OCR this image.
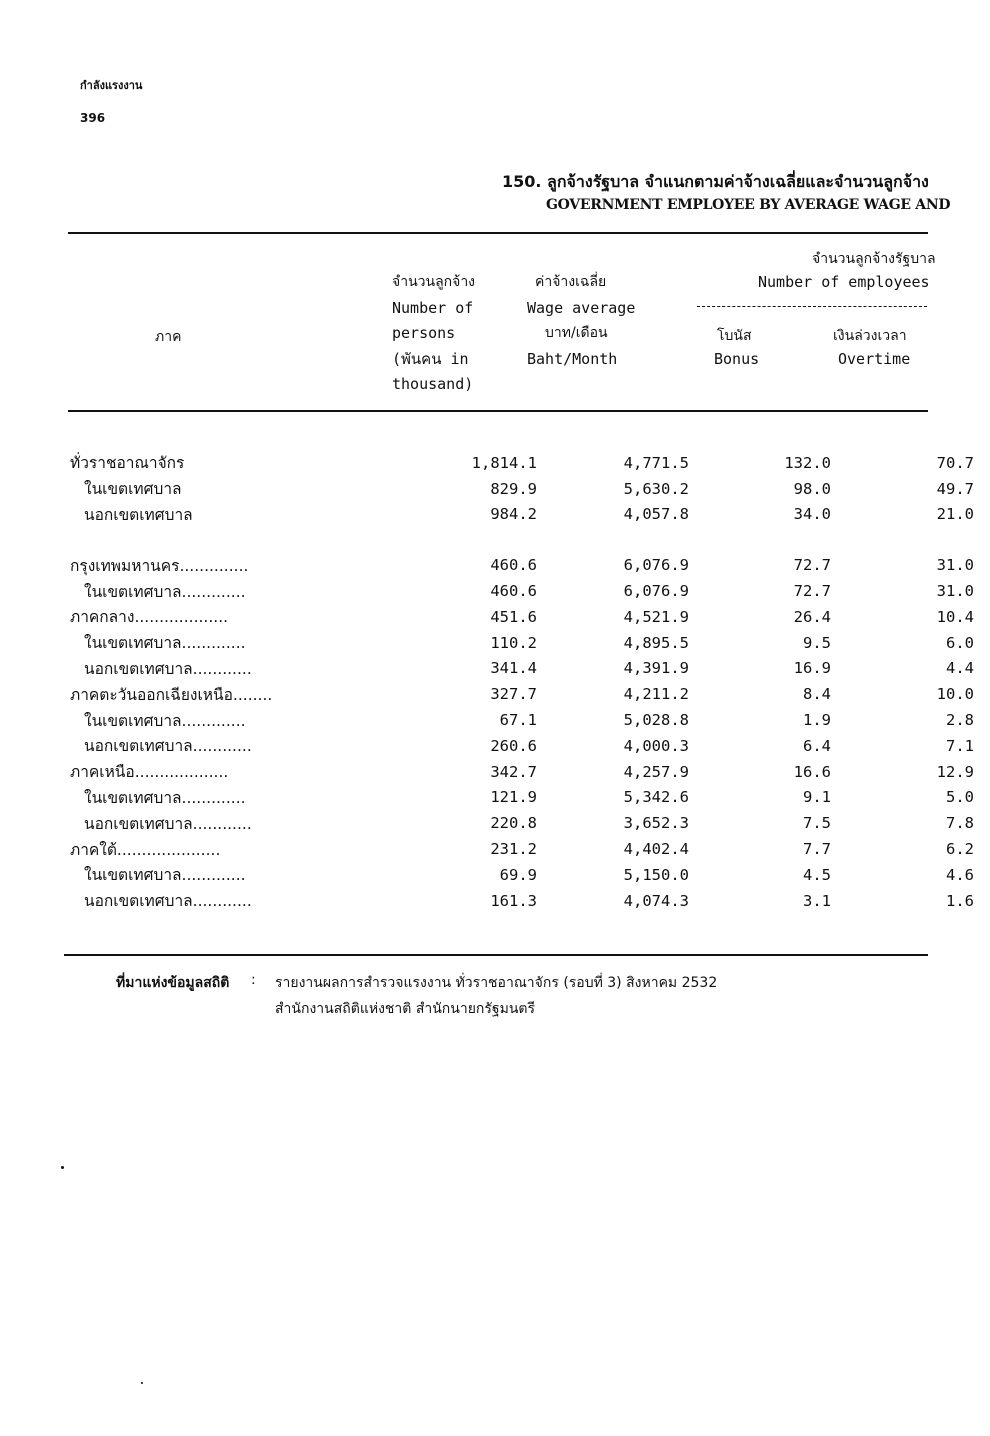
กำลังแรงงาน
396
150. ลูกจ้างรัฐบาล จำแนกตามค่าจ้างเฉลี่ยและจำนวนลูกจ้าง
GOVERNMENT EMPLOYEE BY AVERAGE WAGE AND
ภาค
จำนวนลูกจ้าง
Number of
persons
(พันคน in
thousand)
ค่าจ้างเฉลี่ย
Wage average
บาท/เดือน
Baht/Month
จำนวนลูกจ้างรัฐบาล
Number of employees
โบนัส
Bonus
เงินล่วงเวลา
Overtime
ทั่วราชอาณาจักร	1,814.1	4,771.5	132.0	70.7
ในเขตเทศบาล	829.9	5,630.2	98.0	49.7
นอกเขตเทศบาล	984.2	4,057.8	34.0	21.0

กรุงเทพมหานคร..............	460.6	6,076.9	72.7	31.0
ในเขตเทศบาล.............	460.6	6,076.9	72.7	31.0
ภาคกลาง...................	451.6	4,521.9	26.4	10.4
ในเขตเทศบาล.............	110.2	4,895.5	9.5	6.0
นอกเขตเทศบาล............	341.4	4,391.9	16.9	4.4
ภาคตะวันออกเฉียงเหนือ........	327.7	4,211.2	8.4	10.0
ในเขตเทศบาล.............	67.1	5,028.8	1.9	2.8
นอกเขตเทศบาล............	260.6	4,000.3	6.4	7.1
ภาคเหนือ...................	342.7	4,257.9	16.6	12.9
ในเขตเทศบาล.............	121.9	5,342.6	9.1	5.0
นอกเขตเทศบาล............	220.8	3,652.3	7.5	7.8
ภาคใต้.....................	231.2	4,402.4	7.7	6.2
ในเขตเทศบาล.............	69.9	5,150.0	4.5	4.6
นอกเขตเทศบาล............	161.3	4,074.3	3.1	1.6
ที่มาแห่งข้อมูลสถิติ : รายงานผลการสำรวจแรงงาน ทั่วราชอาณาจักร (รอบที่ 3) สิงหาคม 2532
สำนักงานสถิติแห่งชาติ สำนักนายกรัฐมนตรี
